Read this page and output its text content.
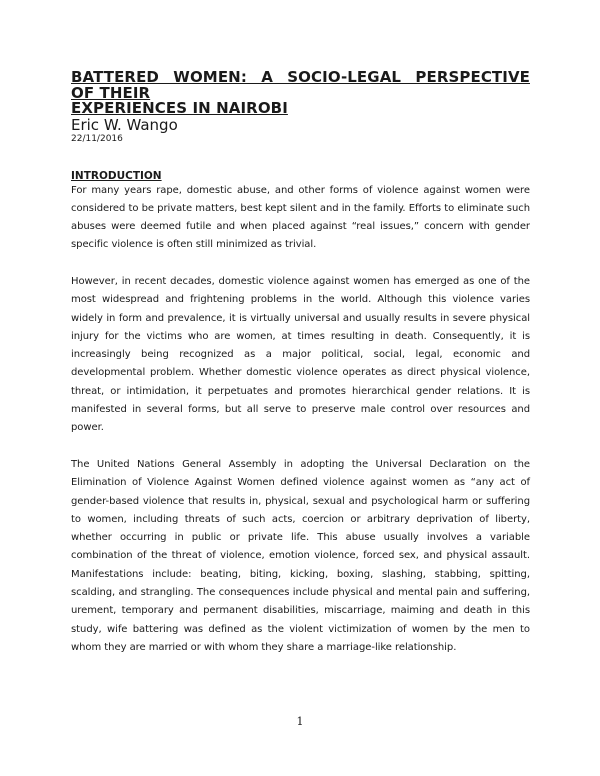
BATTERED WOMEN: A SOCIO-LEGAL PERSPECTIVE
OF THEIR
EXPERIENCES IN NAIROBI

Eric W. Wango

22/11/2016

INTRODUCTION

For many years rape, domestic abuse, and other forms of violence against women were considered to be private matters, best kept silent and in the family. Efforts to eliminate such abuses were deemed futile and when placed against “real issues,” concern with gender specific violence is often still minimized as trivial.

However, in recent decades, domestic violence against women has emerged as one of the most widespread and frightening problems in the world. Although this violence varies widely in form and prevalence, it is virtually universal and usually results in severe physical injury for the victims who are women, at times resulting in death. Consequently, it is increasingly being recognized as a major political, social, legal, economic and developmental problem. Whether domestic violence operates as direct physical violence, threat, or intimidation, it perpetuates and promotes hierarchical gender relations. It is manifested in several forms, but all serve to preserve male control over resources and power.

The United Nations General Assembly in adopting the Universal Declaration on the Elimination of Violence Against Women defined violence against women as “any act of gender-based violence that results in, physical, sexual and psychological harm or suffering to women, including threats of such acts, coercion or arbitrary deprivation of liberty, whether occurring in public or private life. This abuse usually involves a variable combination of the threat of violence, emotion violence, forced sex, and physical assault. Manifestations include: beating, biting, kicking, boxing, slashing, stabbing, spitting, scalding, and strangling. The consequences include physical and mental pain and suffering, urement, temporary and permanent disabilities, miscarriage, maiming and death in this study, wife battering was defined as the violent victimization of women by the men to whom they are married or with whom they share a marriage-like relationship.

1
